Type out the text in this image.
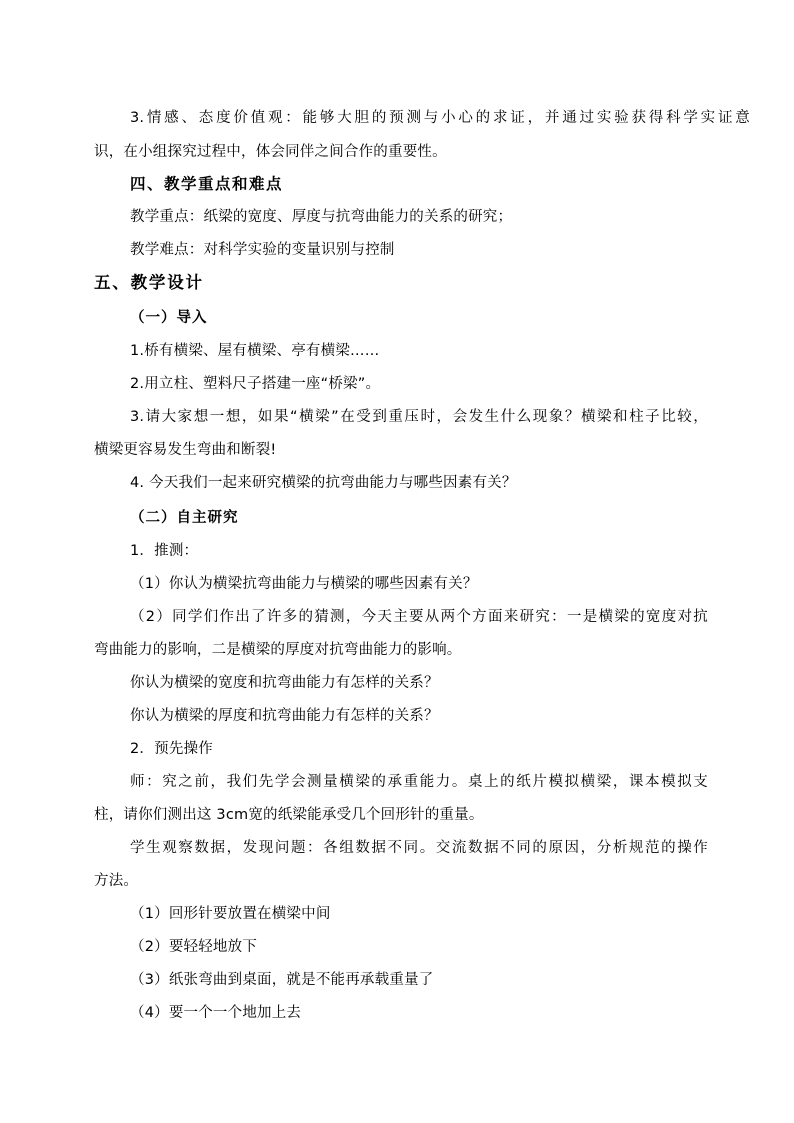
3.情感、态度价值观：能够大胆的预测与小心的求证，并通过实验获得科学实证意
识，在小组探究过程中，体会同伴之间合作的重要性。
四、教学重点和难点
教学重点：纸梁的宽度、厚度与抗弯曲能力的关系的研究；
教学难点：对科学实验的变量识别与控制
五、教学设计
（一）导入
1.桥有横梁、屋有横梁、亭有横梁……
2.用立柱、塑料尺子搭建一座“桥梁”。
3.请大家想一想，如果“横梁”在受到重压时，会发生什么现象？横梁和柱子比较，
横梁更容易发生弯曲和断裂!
4. 今天我们一起来研究横梁的抗弯曲能力与哪些因素有关？
（二）自主研究
1．推测：
（1）你认为横梁抗弯曲能力与横梁的哪些因素有关？
（2）同学们作出了许多的猜测，今天主要从两个方面来研究：一是横梁的宽度对抗
弯曲能力的影响，二是横梁的厚度对抗弯曲能力的影响。
你认为横梁的宽度和抗弯曲能力有怎样的关系？
你认为横梁的厚度和抗弯曲能力有怎样的关系？
2．预先操作
师：究之前，我们先学会测量横梁的承重能力。桌上的纸片模拟横梁，课本模拟支
柱，请你们测出这 3cm宽的纸梁能承受几个回形针的重量。
学生观察数据，发现问题：各组数据不同。交流数据不同的原因，分析规范的操作
方法。
（1）回形针要放置在横梁中间
（2）要轻轻地放下
（3）纸张弯曲到桌面，就是不能再承载重量了
（4）要一个一个地加上去
